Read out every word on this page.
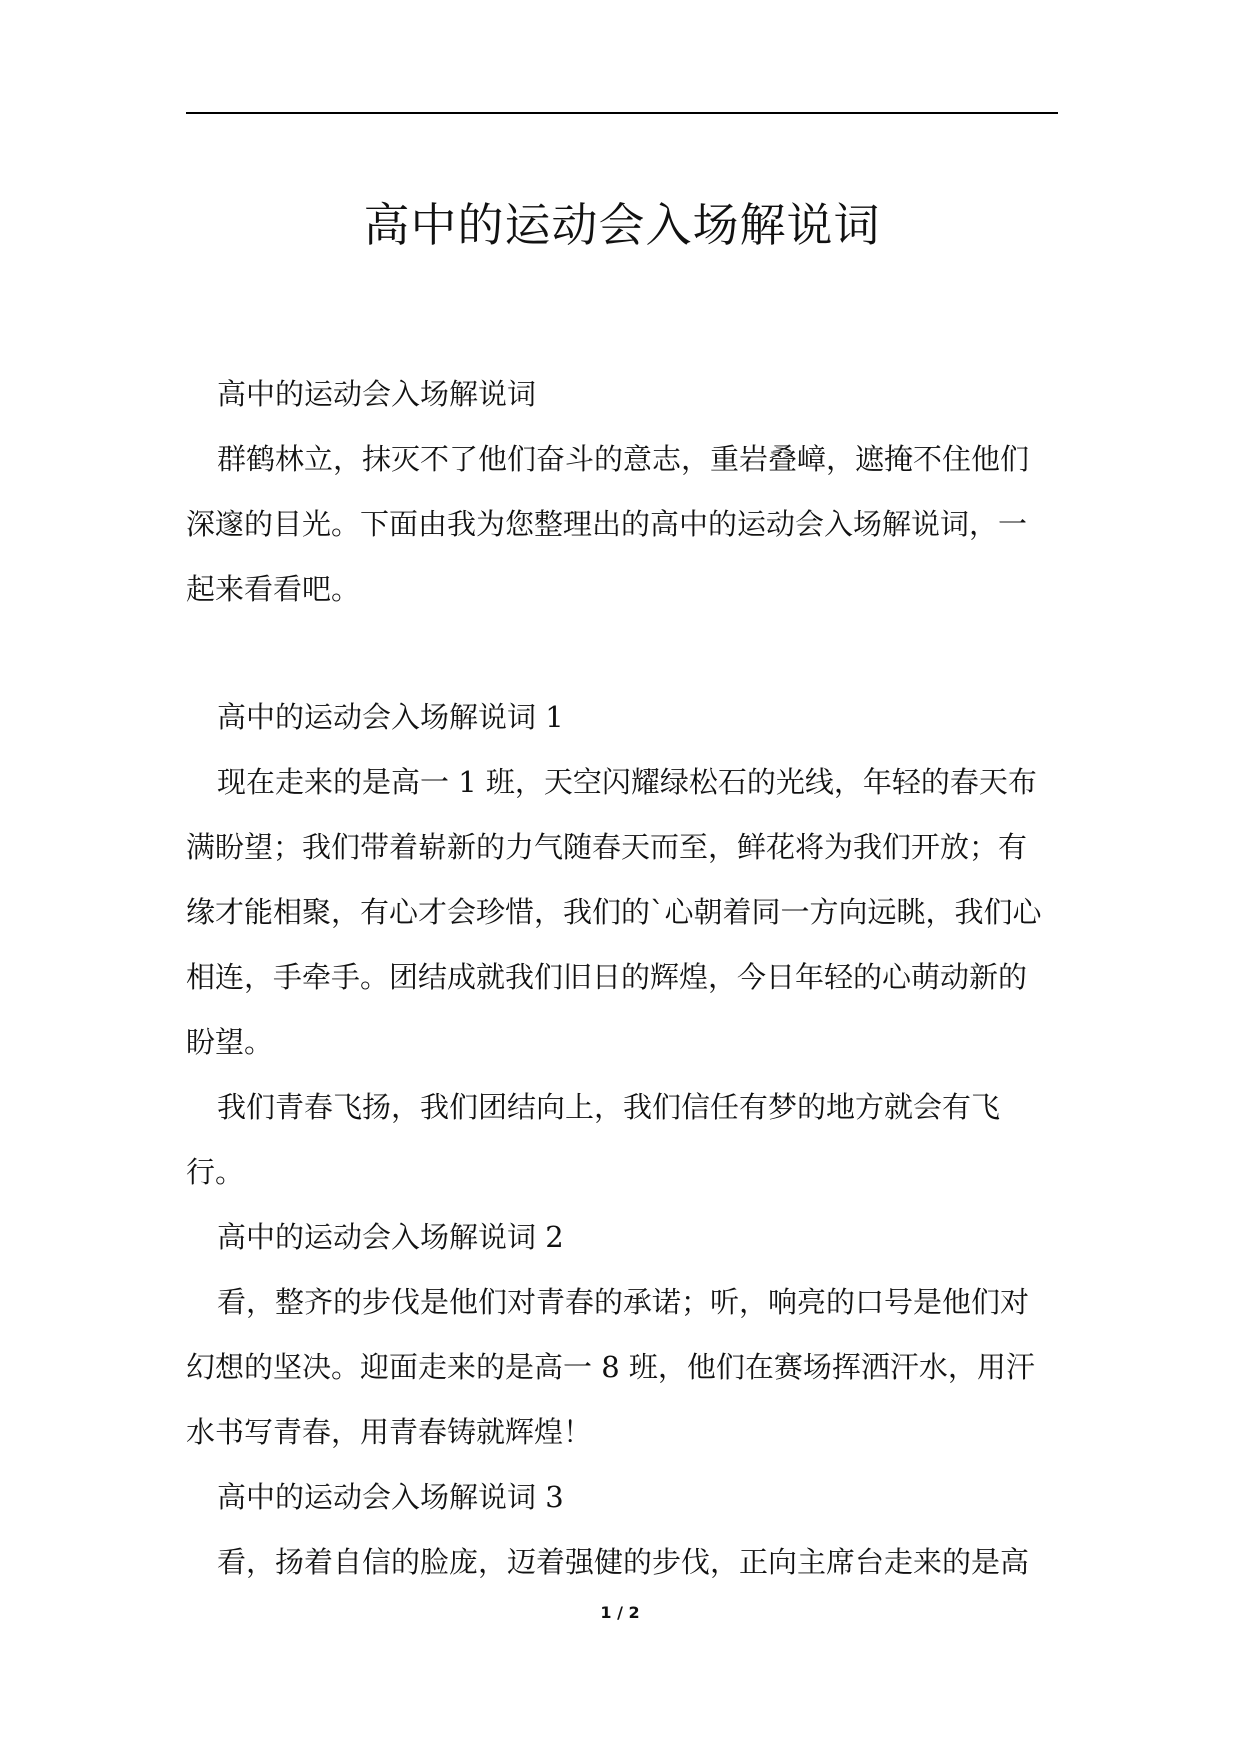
高中的运动会入场解说词

高中的运动会入场解说词

群鹤林立，抹灭不了他们奋斗的意志，重岩叠嶂，遮掩不住他们

深邃的目光。下面由我为您整理出的高中的运动会入场解说词，一

起来看看吧。

高中的运动会入场解说词 1

现在走来的是高一 1 班，天空闪耀绿松石的光线，年轻的春天布

满盼望；我们带着崭新的力气随春天而至，鲜花将为我们开放；有

缘才能相聚，有心才会珍惜，我们的`心朝着同一方向远眺，我们心

相连，手牵手。团结成就我们旧日的辉煌，今日年轻的心萌动新的

盼望。

我们青春飞扬，我们团结向上，我们信任有梦的地方就会有飞

行。

高中的运动会入场解说词 2

看，整齐的步伐是他们对青春的承诺；听，响亮的口号是他们对

幻想的坚决。迎面走来的是高一 8 班，他们在赛场挥洒汗水，用汗

水书写青春，用青春铸就辉煌！

高中的运动会入场解说词 3

看，扬着自信的脸庞，迈着强健的步伐，正向主席台走来的是高

1 / 2
